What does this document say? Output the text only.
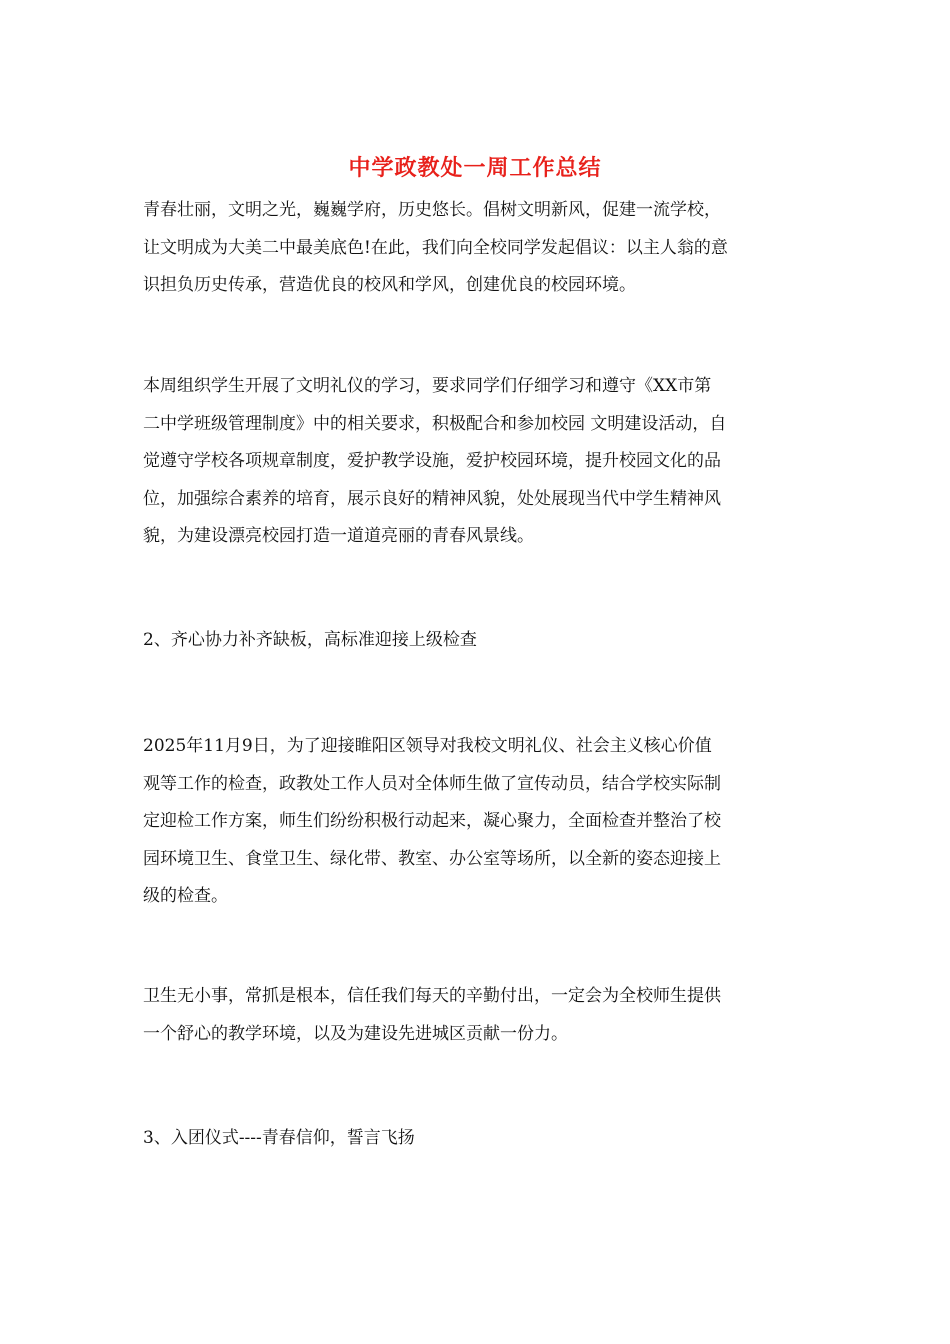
中学政教处一周工作总结

青春壮丽，文明之光，巍巍学府，历史悠长。倡树文明新风，促建一流学校，
让文明成为大美二中最美底色!在此，我们向全校同学发起倡议：以主人翁的意
识担负历史传承，营造优良的校风和学风，创建优良的校园环境。

本周组织学生开展了文明礼仪的学习，要求同学们仔细学习和遵守《XX市第
二中学班级管理制度》中的相关要求，积极配合和参加校园 文明建设活动，自
觉遵守学校各项规章制度，爱护教学设施，爱护校园环境，提升校园文化的品
位，加强综合素养的培育，展示良好的精神风貌，处处展现当代中学生精神风
貌，为建设漂亮校园打造一道道亮丽的青春风景线。

2、齐心协力补齐缺板，高标准迎接上级检查

2025年11月9日，为了迎接睢阳区领导对我校文明礼仪、社会主义核心价值
观等工作的检查，政教处工作人员对全体师生做了宣传动员，结合学校实际制
定迎检工作方案，师生们纷纷积极行动起来，凝心聚力，全面检查并整治了校
园环境卫生、食堂卫生、绿化带、教室、办公室等场所，以全新的姿态迎接上
级的检查。

卫生无小事，常抓是根本，信任我们每天的辛勤付出，一定会为全校师生提供
一个舒心的教学环境，以及为建设先进城区贡献一份力。

3、入团仪式----青春信仰，誓言飞扬
